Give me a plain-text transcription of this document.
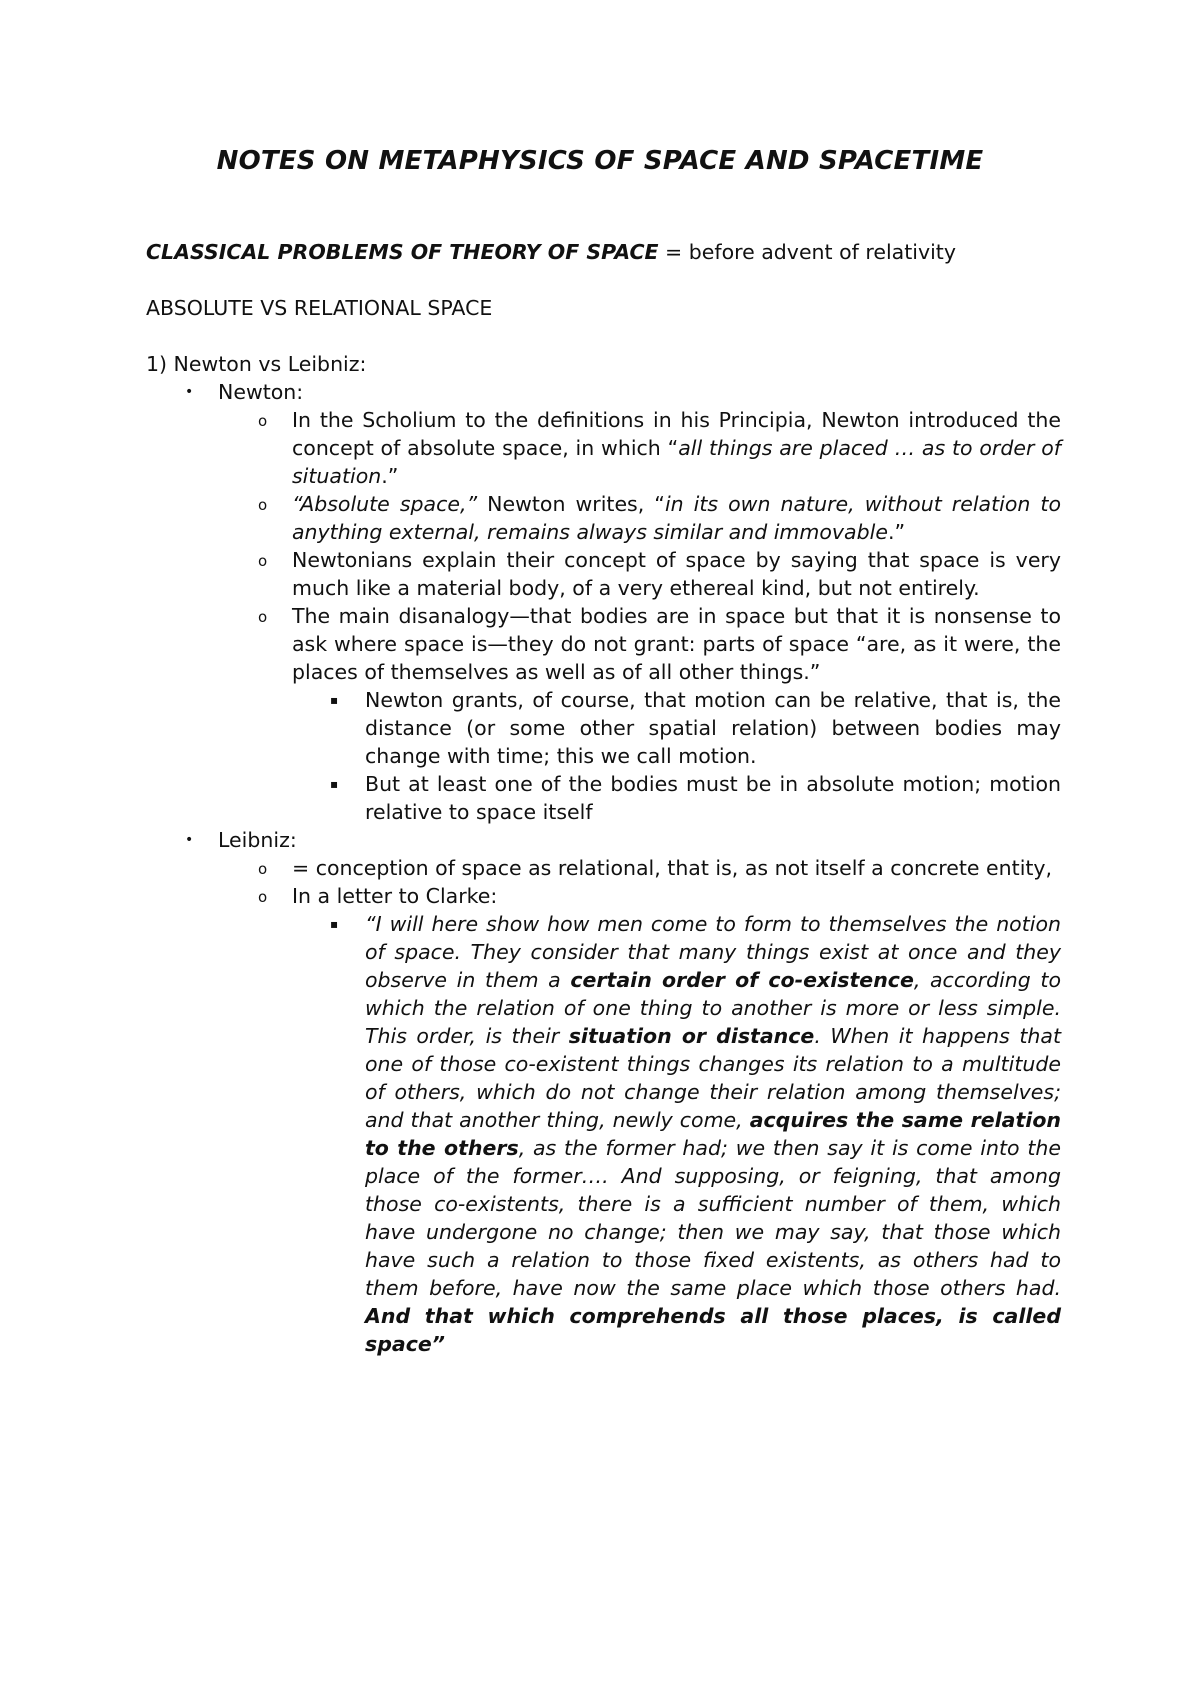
NOTES ON METAPHYSICS OF SPACE AND SPACETIME

CLASSICAL PROBLEMS OF THEORY OF SPACE = before advent of relativity

ABSOLUTE VS RELATIONAL SPACE

1) Newton vs Leibniz:

• Newton:
o In the Scholium to the definitions in his Principia, Newton introduced the concept of absolute space, in which “all things are placed … as to order of situation.”
o “Absolute space,” Newton writes, “in its own nature, without relation to anything external, remains always similar and immovable.”
o Newtonians explain their concept of space by saying that space is very much like a material body, of a very ethereal kind, but not entirely.
o The main disanalogy—that bodies are in space but that it is nonsense to ask where space is—they do not grant: parts of space “are, as it were, the places of themselves as well as of all other things.”
▪ Newton grants, of course, that motion can be relative, that is, the distance (or some other spatial relation) between bodies may change with time; this we call motion.
▪ But at least one of the bodies must be in absolute motion; motion relative to space itself
• Leibniz:
o = conception of space as relational, that is, as not itself a concrete entity,
o In a letter to Clarke:
▪ “I will here show how men come to form to themselves the notion of space. They consider that many things exist at once and they observe in them a certain order of co-existence, according to which the relation of one thing to another is more or less simple. This order, is their situation or distance. When it happens that one of those co-existent things changes its relation to a multitude of others, which do not change their relation among themselves; and that another thing, newly come, acquires the same relation to the others, as the former had; we then say it is come into the place of the former…. And supposing, or feigning, that among those co-existents, there is a sufficient number of them, which have undergone no change; then we may say, that those which have such a relation to those fixed existents, as others had to them before, have now the same place which those others had. And that which comprehends all those places, is called space”
